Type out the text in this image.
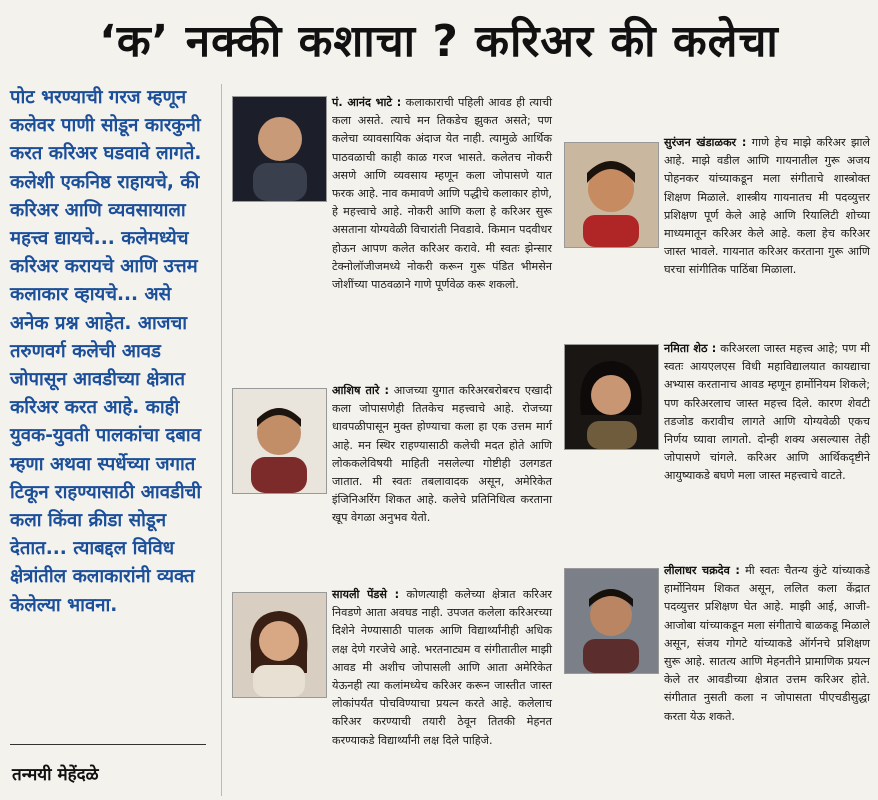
‘क’ नक्की कशाचा ? करिअर की कलेचा
पोट भरण्याची गरज म्हणून कलेवर पाणी सोडून कारकुनी करत करिअर घडवावे लागते. कलेशी एकनिष्ठ राहायचे, की करिअर आणि व्यवसायाला महत्त्व द्यायचे... कलेमध्येच करिअर करायचे आणि उत्तम कलाकार व्हायचे... असे अनेक प्रश्न आहेत. आजचा तरुणवर्ग कलेची आवड जोपासून आवडीच्या क्षेत्रात करिअर करत आहे. काही युवक-युवती पालकांचा दबाव म्हणा अथवा स्पर्धेच्या जगात टिकून राहण्यासाठी आवडीची कला किंवा क्रीडा सोडून देतात... त्याबद्दल विविध क्षेत्रांतील कलाकारांनी व्यक्त केलेल्या भावना.
तन्मयी मेहेंदळे
पं. आनंद भाटे : कलाकाराची पहिली आवड ही त्याची कला असते. त्याचे मन तिकडेच झुकत असते; पण कलेचा व्यावसायिक अंदाज येत नाही. त्यामुळे आर्थिक पाठवळाची काही काळ गरज भासते. कलेतच नोकरी असणे आणि व्यवसाय म्हणून कला जोपासणे यात फरक आहे. नाव कमावणे आणि पद्धीचे कलाकार होणे, हे महत्त्वाचे आहे. नोकरी आणि कला हे करिअर सुरू असताना योग्यवेळी विचारांती निवडावे. किमान पदवीधर होऊन आपण कलेत करिअर करावे. मी स्वतः झेन्सार टेक्नोलॉजीजमध्ये नोकरी करून गुरू पंडित भीमसेन जोशींच्या पाठवळाने गाणे पूर्णवेळ करू शकलो.
आशिष तारे : आजच्या युगात करिअरबरोबरच एखादी कला जोपासणेही तितकेच महत्त्वाचे आहे. रोजच्या धावपळीपासून मुक्त होण्याचा कला हा एक उत्तम मार्ग आहे. मन स्थिर राहण्यासाठी कलेची मदत होते आणि लोककलेविषयी माहिती नसलेल्या गोष्टीही उलगडत जातात. मी स्वतः तबलावादक असून, अमेरिकेत इंजिनिअरिंग शिकत आहे. कलेचे प्रतिनिधित्व करताना खूप वेगळा अनुभव येतो.
सायली पेंडसे : कोणत्याही कलेच्या क्षेत्रात करिअर निवडणे आता अवघड नाही. उपजत कलेला करिअरच्या दिशेने नेण्यासाठी पालक आणि विद्यार्थ्यांनीही अधिक लक्ष देणे गरजेचे आहे. भरतनाट्यम व संगीतातील माझी आवड मी अशीच जोपासली आणि आता अमेरिकेत येऊनही त्या कलांमध्येच करिअर करून जास्तीत जास्त लोकांपर्यंत पोचविण्याचा प्रयत्न करते आहे. कलेलाच करिअर करण्याची तयारी ठेवून तितकी मेहनत करण्याकडे विद्यार्थ्यांनी लक्ष दिले पाहिजे.
सुरंजन खंडाळकर : गाणे हेच माझे करिअर झाले आहे. माझे वडील आणि गायनातील गुरू अजय पोहनकर यांच्याकडून मला संगीताचे शास्त्रोक्त शिक्षण मिळाले. शास्त्रीय गायनातच मी पदव्युत्तर प्रशिक्षण पूर्ण केले आहे आणि रियालिटी शोच्या माध्यमातून करिअर केले आहे. कला हेच करिअर जास्त भावले. गायनात करिअर करताना गुरू आणि घरचा सांगीतिक पाठिंबा मिळाला.
नमिता शेठ : करिअरला जास्त महत्त्व आहे; पण मी स्वतः आयएलएस विधी महाविद्यालयात कायद्याचा अभ्यास करतानाच आवड म्हणून हार्मोनियम शिकले; पण करिअरलाच जास्त महत्त्व दिले. कारण शेवटी तडजोड करावीच लागते आणि योग्यवेळी एकच निर्णय घ्यावा लागतो. दोन्ही शक्य असल्यास तेही जोपासणे चांगले. करिअर आणि आर्थिकदृष्टीने आयुष्याकडे बघणे मला जास्त महत्त्वाचे वाटते.
लीलाधर चक्रदेव : मी स्वतः चैतन्य कुंटे यांच्याकडे हार्मोनियम शिकत असून, ललित कला केंद्रात पदव्युत्तर प्रशिक्षण घेत आहे. माझी आई, आजी- आजोबा यांच्याकडून मला संगीताचे बाळकडू मिळाले असून, संजय गोगटे यांच्याकडे ऑर्गनचे प्रशिक्षण सुरू आहे. सातत्य आणि मेहनतीने प्रामाणिक प्रयत्न केले तर आवडीच्या क्षेत्रात उत्तम करिअर होते. संगीतात नुसती कला न जोपासता पीएचडीसुद्धा करता येऊ शकते.
